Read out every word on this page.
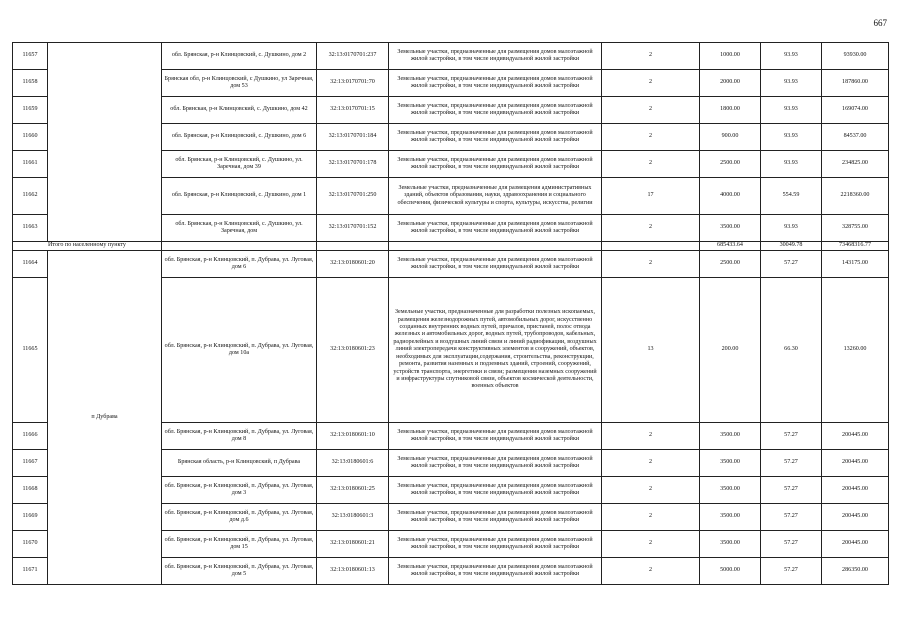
667
11657		обл. Брянская, р-н Клинцовский, с. Душкино, дом 2	32:13:0170701:237	Земельные участки, предназначенные для размещения домов малоэтажной жилой застройки, в том числе индивидуальной жилой застройки	2	1000.00	93.93	93930.00
11658		Брянская обл, р-н Клинцовский, с Душкино, ул Заречная, дом 53	32:13:0170701:70	Земельные участки, предназначенные для размещения домов малоэтажной жилой застройки, в том числе индивидуальной жилой застройки	2	2000.00	93.93	187860.00
11659		обл. Брянская, р-н Клинцовский, с. Душкино, дом 42	32:13:0170701:15	Земельные участки, предназначенные для размещения домов малоэтажной жилой застройки, в том числе индивидуальной жилой застройки	2	1800.00	93.93	169074.00
11660		обл. Брянская, р-н Клинцовский, с. Душкино, дом 6	32:13:0170701:184	Земельные участки, предназначенные для размещения домов малоэтажной жилой застройки, в том числе индивидуальной жилой застройки	2	900.00	93.93	84537.00
11661		обл. Брянская, р-н Клинцовский, с. Душкино, ул. Заречная, дом 39	32:13:0170701:178	Земельные участки, предназначенные для размещения домов малоэтажной жилой застройки, в том числе индивидуальной жилой застройки	2	2500.00	93.93	234825.00
11662		обл. Брянская, р-н Клинцовский, с. Душкино, дом 1	32:13:0170701:250	Земельные участки, предназначенные для размещения административных зданий, объектов образования, науки, здравоохранения и социального обеспечения, физической культуры и спорта, культуры, искусства, религии	17	4000.00	554.59	2218360.00
11663		обл. Брянская, р-н Клинцовский, с. Душкино, ул. Заречная, дом	32:13:0170701:152	Земельные участки, предназначенные для размещения домов малоэтажной жилой застройки, в том числе индивидуальной жилой застройки	2	3500.00	93.93	328755.00
Итого по населенному пункту						685433.64	30049.78	73468316.77
11664	п Дубрава	обл. Брянская, р-н Клинцовский, п. Дубрава, ул. Луговая, дом 6	32:13:0180601:20	Земельные участки, предназначенные для размещения домов малоэтажной жилой застройки, в том числе индивидуальной жилой застройки	2	2500.00	57.27	143175.00
11665		обл. Брянская, р-н Клинцовский, п. Дубрава, ул. Луговая, дом 10а	32:13:0180601:23	Земельные участки, предназначенные для разработки полезных ископаемых, размещения железнодорожных путей, автомобильных дорог, искусственно созданных внутренних водных путей, причалов, пристаней, полос отвода железных и автомобильных дорог, водных путей, трубопроводов, кабельных, радиорелейных и воздушных линий связи и линий радиофикации, воздушных линий электропередачи конструктивных элементов и сооружений, объектов, необходимых для эксплуатации,содержания, строительства, реконструкции, ремонта, развития наземных и подземных зданий, строений, сооружений, устройств транспорта, энергетики и связи; размещения наземных сооружений и инфраструктуры спутниковой связи, объектов космической деятельности, военных объектов	13	200.00	66.30	13260.00
11666		обл. Брянская, р-н Клинцовский, п. Дубрава, ул. Луговая, дом 8	32:13:0180601:10	Земельные участки, предназначенные для размещения домов малоэтажной жилой застройки, в том числе индивидуальной жилой застройки	2	3500.00	57.27	200445.00
11667		Брянская область, р-н Клинцовский, п Дубрава	32:13:0180601:6	Земельные участки, предназначенные для размещения домов малоэтажной жилой застройки, в том числе индивидуальной жилой застройки	2	3500.00	57.27	200445.00
11668		обл. Брянская, р-н Клинцовский, п. Дубрава, ул. Луговая, дом 3	32:13:0180601:25	Земельные участки, предназначенные для размещения домов малоэтажной жилой застройки, в том числе индивидуальной жилой застройки	2	3500.00	57.27	200445.00
11669		обл. Брянская, р-н Клинцовский, п. Дубрава, ул. Луговая, дом д.6	32:13:0180601:3	Земельные участки, предназначенные для размещения домов малоэтажной жилой застройки, в том числе индивидуальной жилой застройки	2	3500.00	57.27	200445.00
11670		обл. Брянская, р-н Клинцовский, п. Дубрава, ул. Луговая, дом 15	32:13:0180601:21	Земельные участки, предназначенные для размещения домов малоэтажной жилой застройки, в том числе индивидуальной жилой застройки	2	3500.00	57.27	200445.00
11671		обл. Брянская, р-н Клинцовский, п. Дубрава, ул. Луговая, дом 5	32:13:0180601:13	Земельные участки, предназначенные для размещения домов малоэтажной жилой застройки, в том числе индивидуальной жилой застройки	2	5000.00	57.27	286350.00
